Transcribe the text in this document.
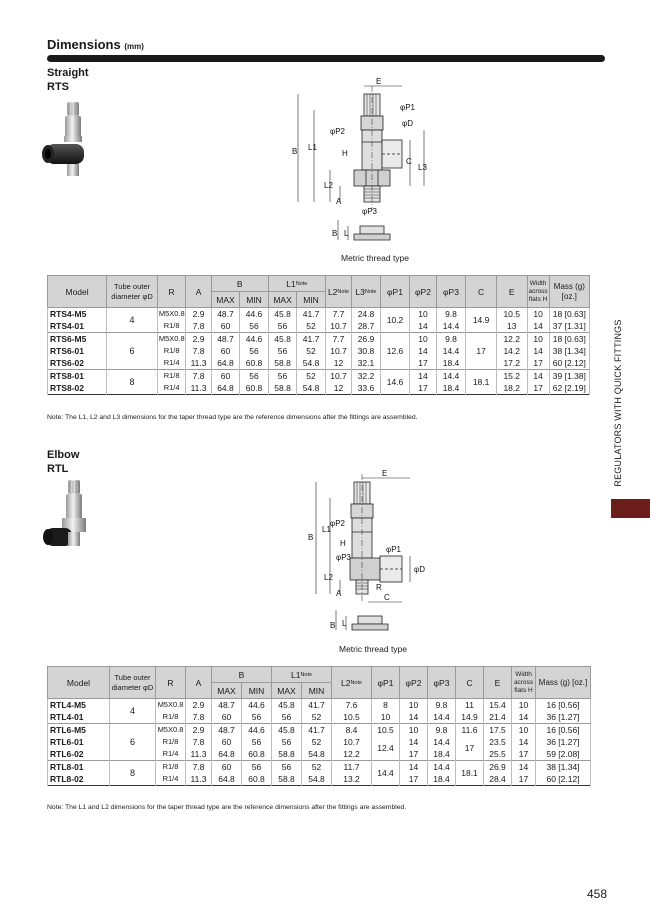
Dimensions (mm)
Straight
RTS	E
φP1
φD
φP2
B L1
H
C
L3
L2
A
φP3
B L
Metric thread type
Model	Tube outer diameter φD	R	A	B		$L1^{Note}$		$L2^{Note}$	$L3^{Note}$	φP1	φP2	φP3	C	E	Width across flats H	Mass (g) [oz.]
				MAX	MIN	MAX	MIN									
RTS4-M5	4	M5X0.8	2.9	48.7	44.6	45.8	41.7	7.7	24.8	10.2	10	9.8	14.9	10.5	10	18 [0.63]
RTS4-01		R1/8	7.8	60	56	56	52	10.7	28.7		14	14.4		13	14	37 [1.31]
RTS6-M5	6	M5X0.8	2.9	48.7	44.6	45.8	41.7	7.7	26.9	12.6	10	9.8	17	12.2	10	18 [0.63]
RTS6-01		R1/8	7.8	60	56	56	52	10.7	30.8		14	14.4		14.2	14	38 [1.34]
RTS6-02		R1/4	11.3	64.8	60.8	58.8	54.8	12	32.1		17	18.4		17.2	17	60 [2.12]
RTS8-01	8	R1/8	7.8	60	56	56	52	10.7	32.2	14.6	14	14.4	18.1	15.2	14	39 [1.38]
RTS8-02		R1/4	11.3	64.8	60.8	58.8	54.8	12	33.6		17	18.4		18.2	17	62 [2.19]
Note: The L1, L2 and L3 dimensions for the taper thread type are the reference dimensions after the fittings are assembled.
Elbow
RTL	E
φP2
B
L1
H
φP3
φP1
φD
L2
A
R
C
B L
Metric thread type
Model	Tube outer diameter φD	R	A	B		$L1^{Note}$		$L2^{Note}$	φP1	φP2	φP3	C	E	Width across flats H	Mass (g) [oz.]
				MAX	MIN	MAX	MIN								
RTL4-M5	4	M5X0.8	2.9	48.7	44.6	45.8	41.7	7.6	8	10	9.8	11	15.4	10	16 [0.56]
RTL4-01		R1/8	7.8	60	56	56	52	10.5	10	14	14.4	14.9	21.4	14	36 [1.27]
RTL6-M5	6	M5X0.8	2.9	48.7	44.6	45.8	41.7	8.4	10.5	10	9.8	11.6	17.5	10	16 [0.56]
RTL6-01		R1/8	7.8	60	56	56	52	10.7	12.4	14	14.4	17	23.5	14	36 [1.27]
RTL6-02		R1/4	11.3	64.8	60.8	58.8	54.8	12.2		17	18.4		25.5	17	59 [2.08]
RTL8-01	8	R1/8	7.8	60	56	56	52	11.7	14.4	14	14.4	18.1	26.9	14	38 [1.34]
RTL8-02		R1/4	11.3	64.8	60.8	58.8	54.8	13.2		17	18.4		28.4	17	60 [2.12]
Note: The L1 and L2 dimensions for the taper thread type are the reference dimensions after the fittings are assembled.
REGULATORS WITH QUICK FITTINGS
458
